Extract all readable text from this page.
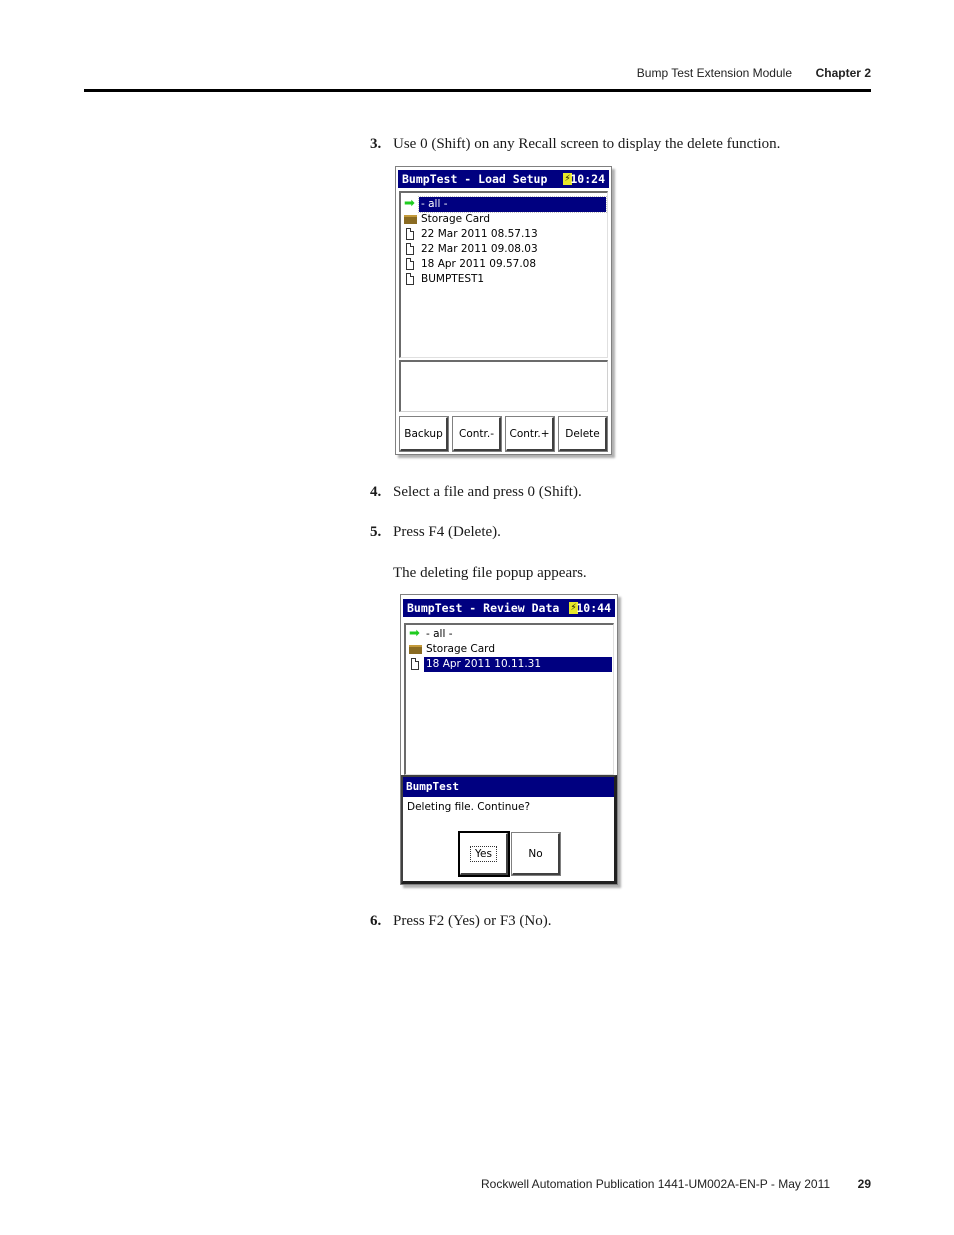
Bump Test Extension Module Chapter 2
3. Use 0 (Shift) on any Recall screen to display the delete function.
BumpTest - Load Setup ⚡ 10:24
➡ - all -
Storage Card
22 Mar 2011 08.57.13
22 Mar 2011 09.08.03
18 Apr 2011 09.57.08
BUMPTEST1
Backup	Contr.-	Contr.+	Delete
4. Select a file and press 0 (Shift).
5. Press F4 (Delete).
The deleting file popup appears.
BumpTest - Review Data ⚡ 10:44
➡ - all -
Storage Card
18 Apr 2011 10.11.31
BumpTest
Deleting file. Continue?
Yes	No
6. Press F2 (Yes) or F3 (No).
Rockwell Automation Publication 1441-UM002A-EN-P - May 2011 29
